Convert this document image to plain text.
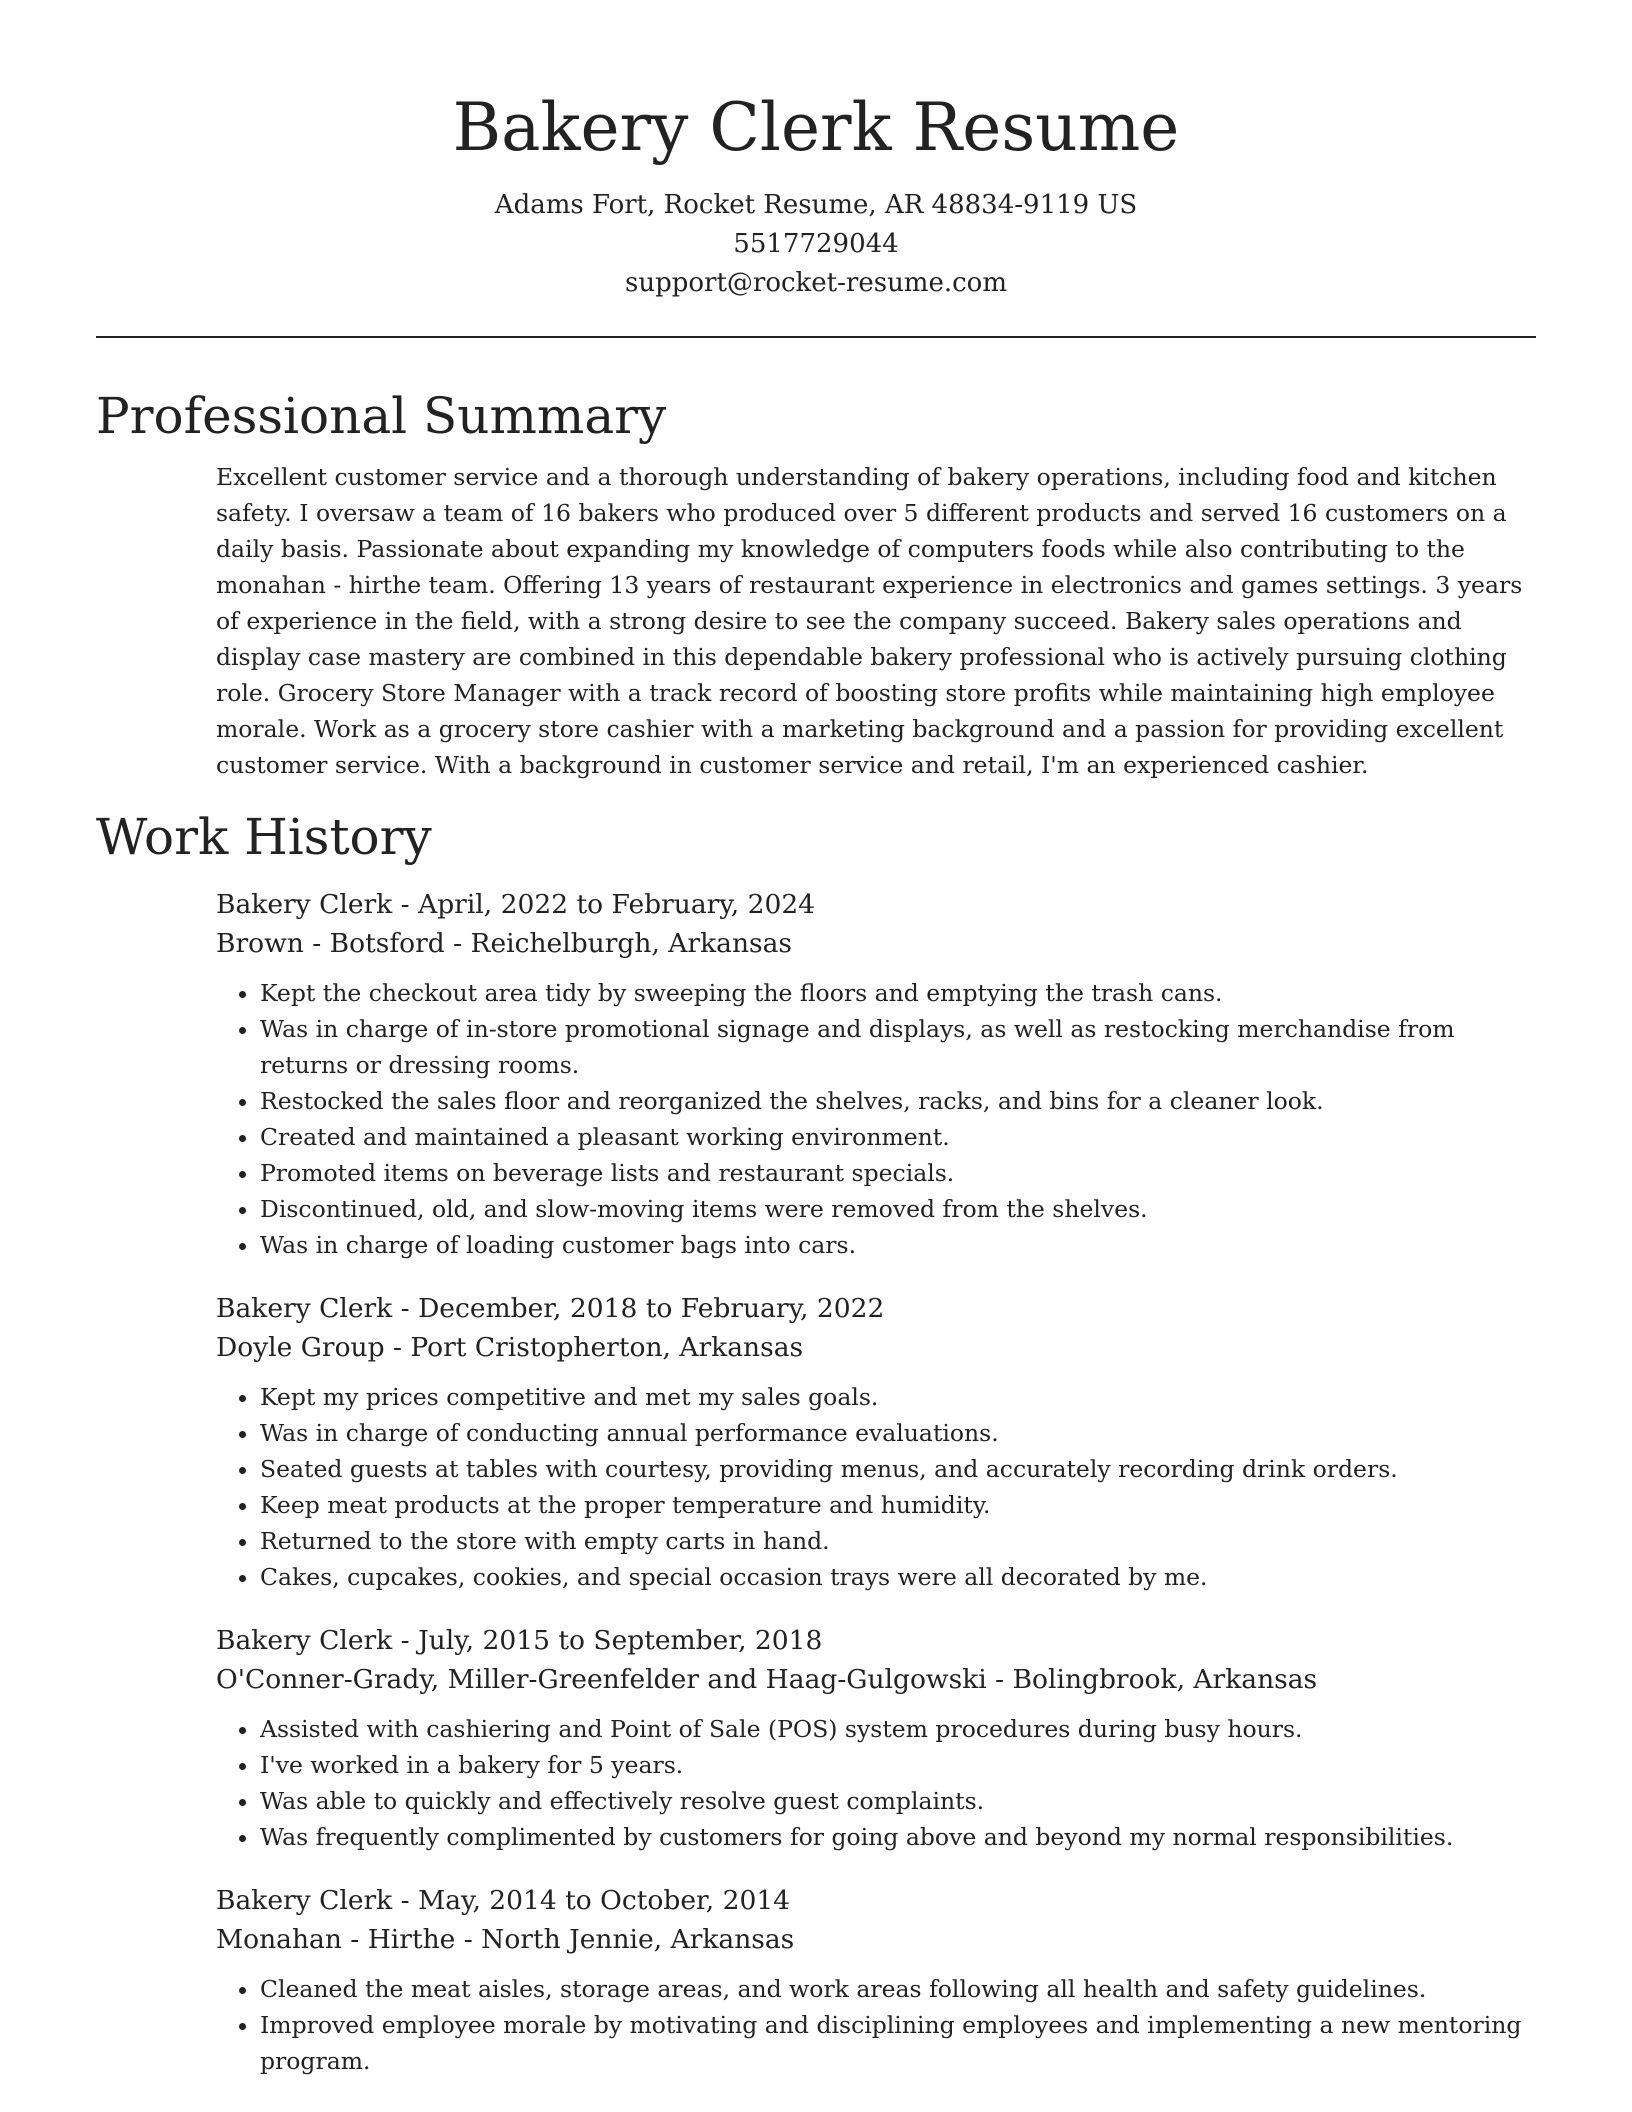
Bakery Clerk Resume
Adams Fort, Rocket Resume, AR 48834-9119 US
5517729044
support@rocket-resume.com
Professional Summary

Excellent customer service and a thorough understanding of bakery operations, including food and kitchen safety. I oversaw a team of 16 bakers who produced over 5 different products and served 16 customers on a daily basis. Passionate about expanding my knowledge of computers foods while also contributing to the monahan - hirthe team. Offering 13 years of restaurant experience in electronics and games settings. 3 years of experience in the field, with a strong desire to see the company succeed. Bakery sales operations and display case mastery are combined in this dependable bakery professional who is actively pursuing clothing role. Grocery Store Manager with a track record of boosting store profits while maintaining high employee morale. Work as a grocery store cashier with a marketing background and a passion for providing excellent customer service. With a background in customer service and retail, I'm an experienced cashier.

Work History
Bakery Clerk - April, 2022 to February, 2024
Brown - Botsford - Reichelburgh, Arkansas
• Kept the checkout area tidy by sweeping the floors and emptying the trash cans.
• Was in charge of in-store promotional signage and displays, as well as restocking merchandise from returns or dressing rooms.
• Restocked the sales floor and reorganized the shelves, racks, and bins for a cleaner look.
• Created and maintained a pleasant working environment.
• Promoted items on beverage lists and restaurant specials.
• Discontinued, old, and slow-moving items were removed from the shelves.
• Was in charge of loading customer bags into cars.
Bakery Clerk - December, 2018 to February, 2022
Doyle Group - Port Cristopherton, Arkansas
• Kept my prices competitive and met my sales goals.
• Was in charge of conducting annual performance evaluations.
• Seated guests at tables with courtesy, providing menus, and accurately recording drink orders.
• Keep meat products at the proper temperature and humidity.
• Returned to the store with empty carts in hand.
• Cakes, cupcakes, cookies, and special occasion trays were all decorated by me.
Bakery Clerk - July, 2015 to September, 2018
O'Conner-Grady, Miller-Greenfelder and Haag-Gulgowski - Bolingbrook, Arkansas
• Assisted with cashiering and Point of Sale (POS) system procedures during busy hours.
• I've worked in a bakery for 5 years.
• Was able to quickly and effectively resolve guest complaints.
• Was frequently complimented by customers for going above and beyond my normal responsibilities.
Bakery Clerk - May, 2014 to October, 2014
Monahan - Hirthe - North Jennie, Arkansas
• Cleaned the meat aisles, storage areas, and work areas following all health and safety guidelines.
• Improved employee morale by motivating and disciplining employees and implementing a new mentoring program.
